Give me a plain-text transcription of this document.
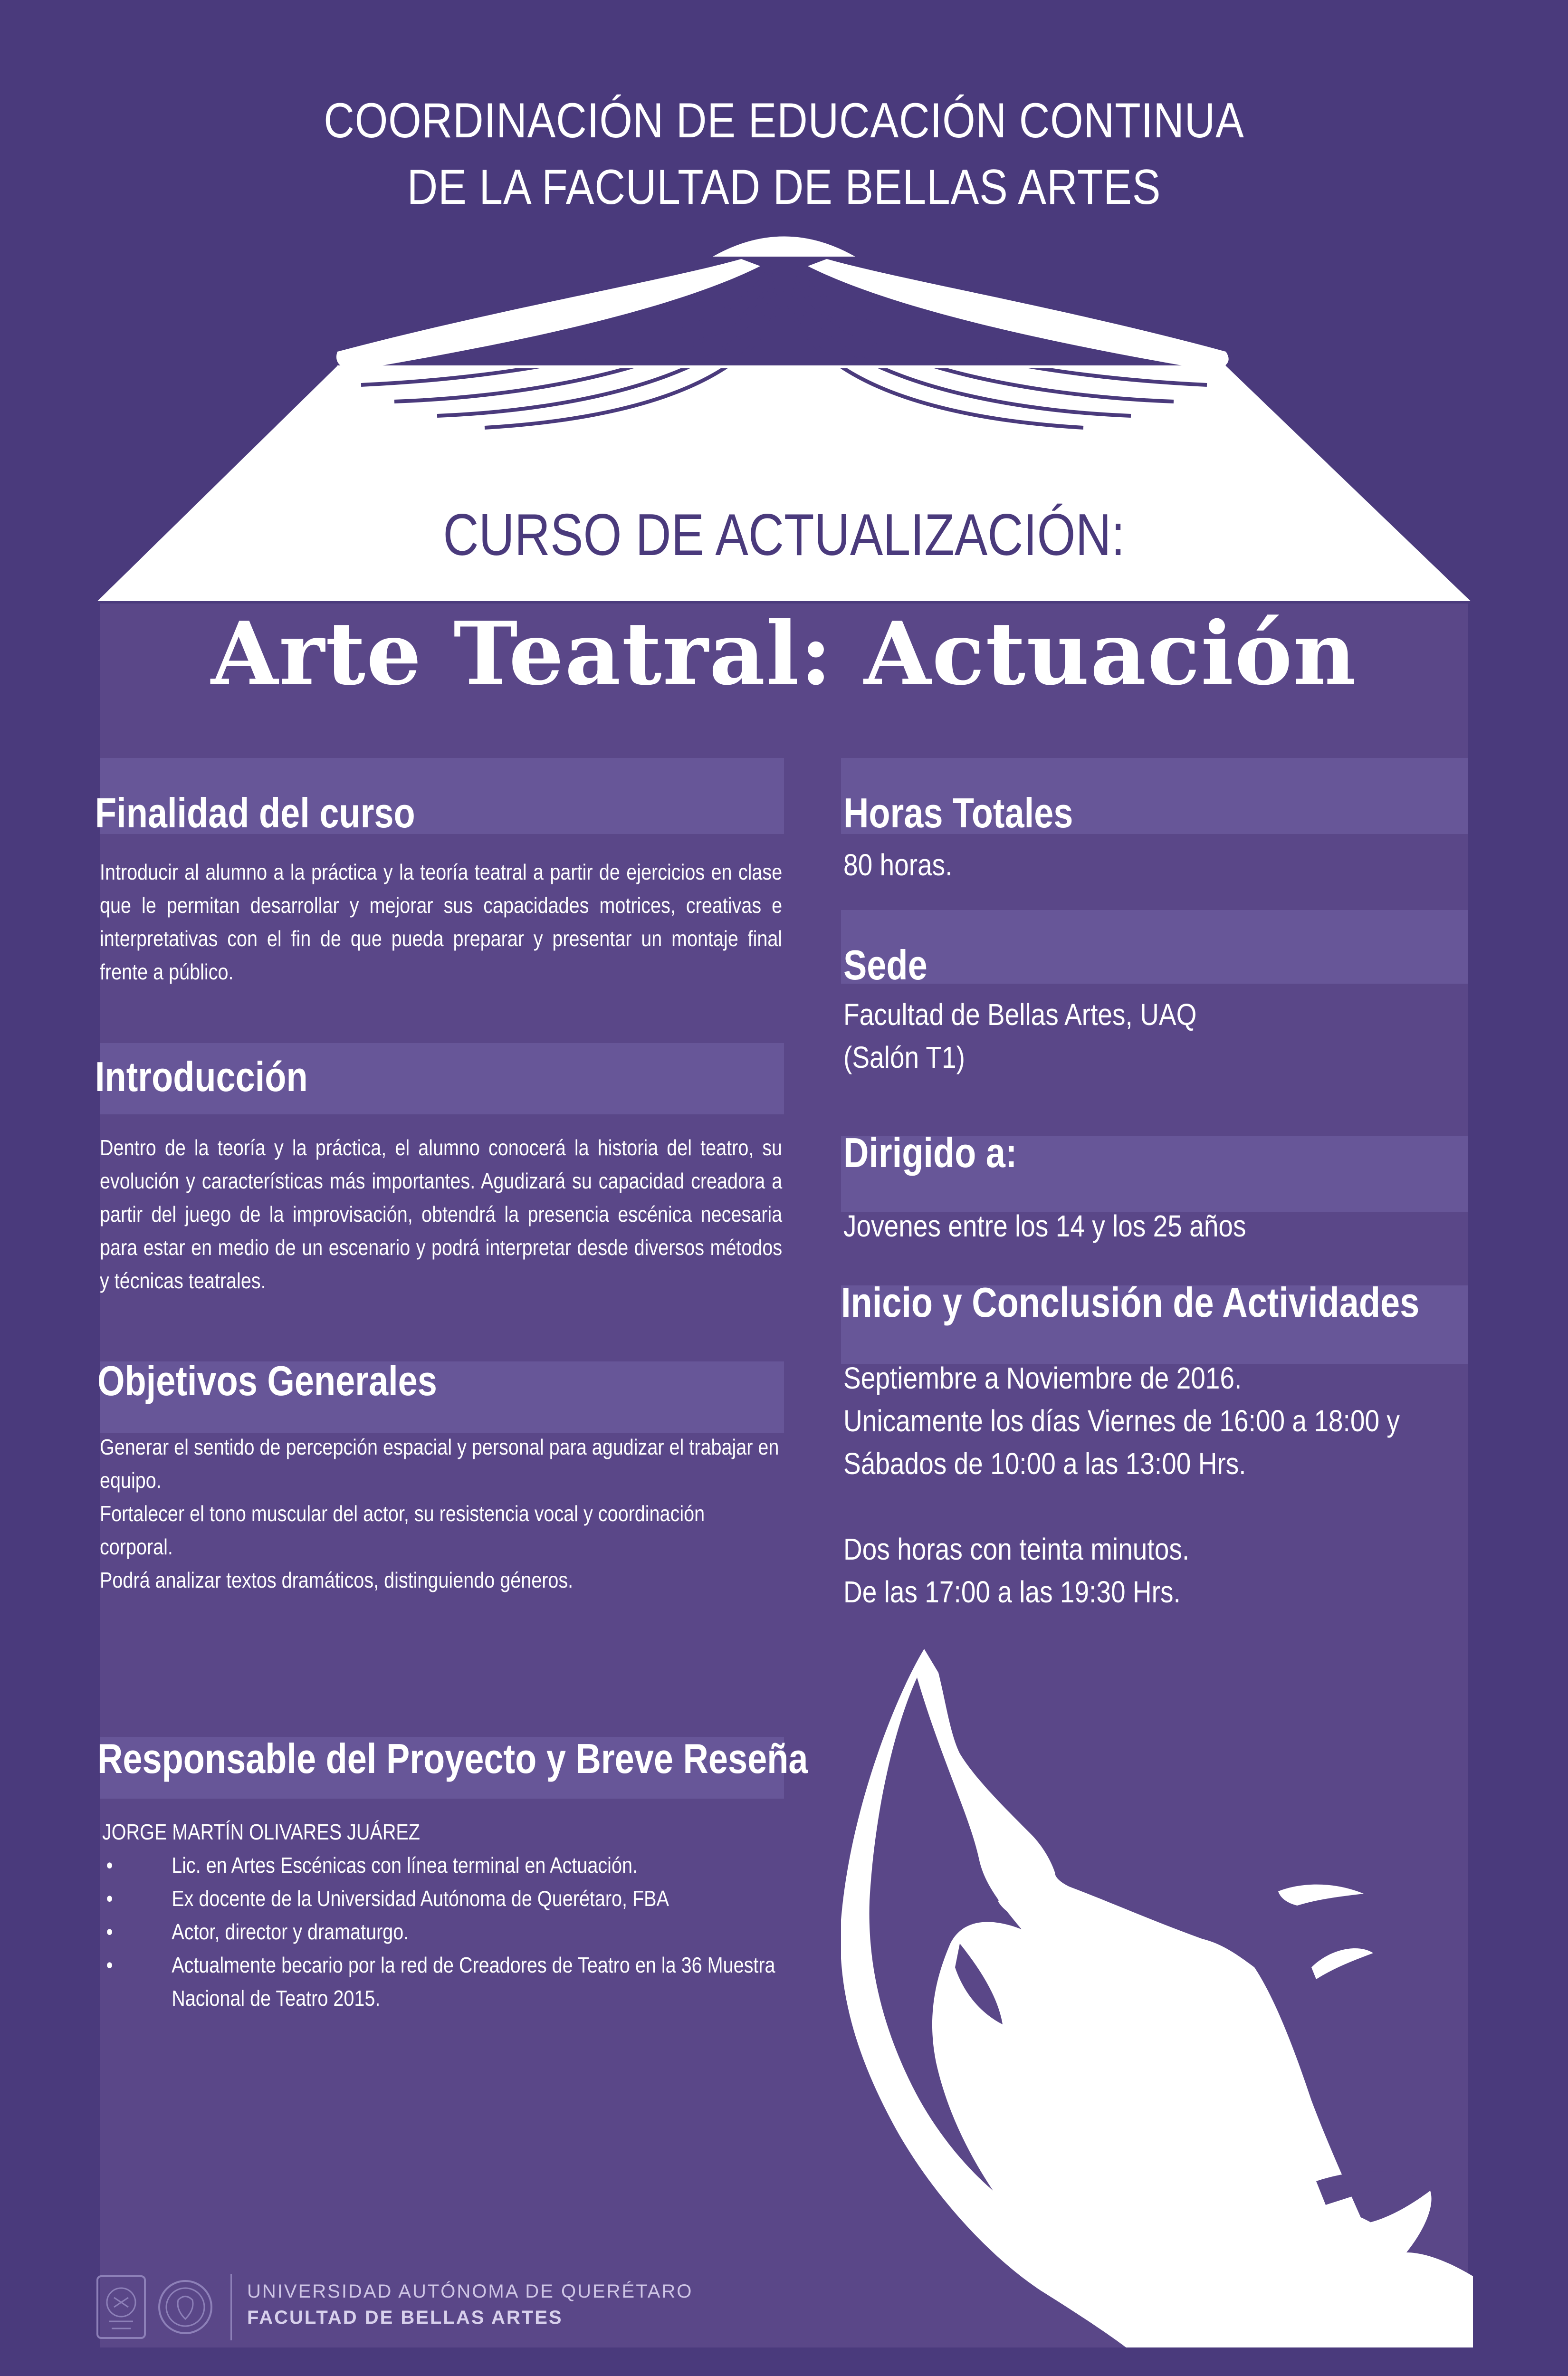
COORDINACIÓN DE EDUCACIÓN CONTINUA
DE LA FACULTAD DE BELLAS ARTES
CURSO DE ACTUALIZACIÓN:
Arte Teatral: Actuación
Finalidad del curso
Introducir al alumno a la práctica y la teoría teatral a partir de ejercicios en clase que le permitan desarrollar y mejorar sus capacidades motrices, creativas e interpretativas con el fin de que pueda preparar y presentar un montaje final frente a público.
Introducción
Dentro de la teoría y la práctica, el alumno conocerá la historia del teatro, su evolución y características más importantes. Agudizará su capacidad creadora a partir del juego de la improvisación, obtendrá la presencia escénica necesaria para estar en medio de un escenario y podrá interpretar desde diversos métodos y técnicas teatrales.
Objetivos Generales
Generar el sentido de percepción espacial y personal para agudizar el trabajar en equipo.
Fortalecer el tono muscular del actor, su resistencia vocal y coordinación corporal.
Podrá analizar textos dramáticos, distinguiendo géneros.
Responsable del Proyecto y Breve Reseña
JORGE MARTÍN OLIVARES JUÁREZ
• Lic. en Artes Escénicas con línea terminal en Actuación.
• Ex docente de la Universidad Autónoma de Querétaro, FBA
• Actor, director y dramaturgo.
• Actualmente becario por la red de Creadores de Teatro en la 36 Muestra Nacional de Teatro 2015.
Horas Totales
80 horas.
Sede
Facultad de Bellas Artes, UAQ
(Salón T1)
Dirigido a:
Jovenes entre los 14 y los 25 años
Inicio y Conclusión de Actividades
Septiembre a Noviembre de 2016.
Unicamente los días Viernes de 16:00 a 18:00 y
Sábados de 10:00 a las 13:00 Hrs.
Dos horas con teinta minutos.
De las 17:00 a las 19:30 Hrs.
UNIVERSIDAD AUTÓNOMA DE QUERÉTARO
FACULTAD DE BELLAS ARTES
